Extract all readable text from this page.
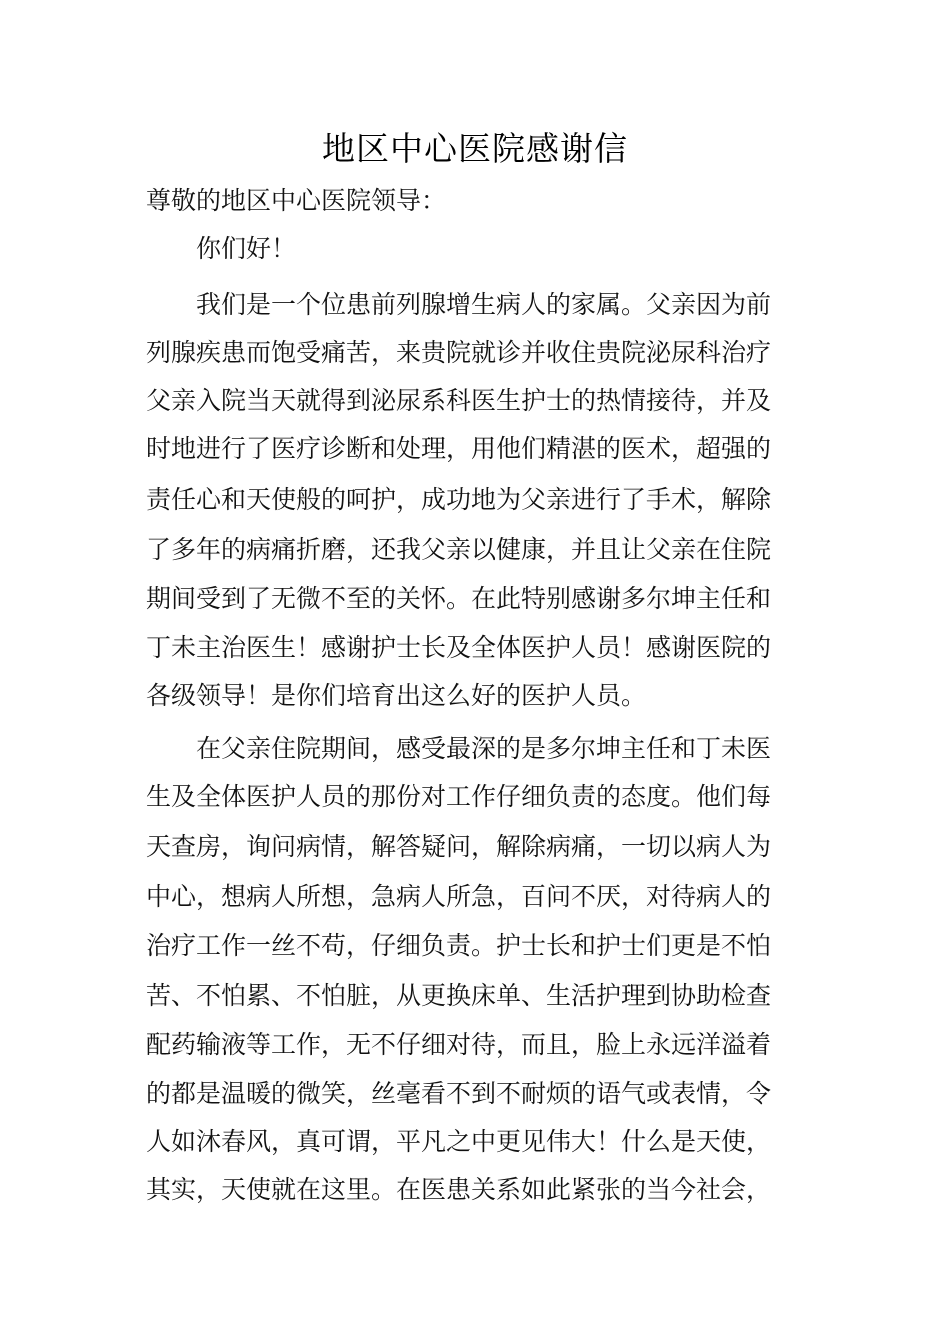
地区中心医院感谢信
尊敬的地区中心医院领导：
你们好！
我们是一个位患前列腺增生病人的家属。父亲因为前
列腺疾患而饱受痛苦，来贵院就诊并收住贵院泌尿科治疗
父亲入院当天就得到泌尿系科医生护士的热情接待，并及
时地进行了医疗诊断和处理，用他们精湛的医术，超强的
责任心和天使般的呵护，成功地为父亲进行了手术，解除
了多年的病痛折磨，还我父亲以健康，并且让父亲在住院
期间受到了无微不至的关怀。在此特别感谢多尔坤主任和
丁未主治医生！感谢护士长及全体医护人员！感谢医院的
各级领导！是你们培育出这么好的医护人员。
在父亲住院期间，感受最深的是多尔坤主任和丁未医
生及全体医护人员的那份对工作仔细负责的态度。他们每
天查房，询问病情，解答疑问，解除病痛，一切以病人为
中心，想病人所想，急病人所急，百问不厌，对待病人的
治疗工作一丝不苟，仔细负责。护士长和护士们更是不怕
苦、不怕累、不怕脏，从更换床单、生活护理到协助检查
配药输液等工作，无不仔细对待，而且，脸上永远洋溢着
的都是温暖的微笑，丝毫看不到不耐烦的语气或表情，令
人如沐春风，真可谓，平凡之中更见伟大！什么是天使，
其实，天使就在这里。在医患关系如此紧张的当今社会，
